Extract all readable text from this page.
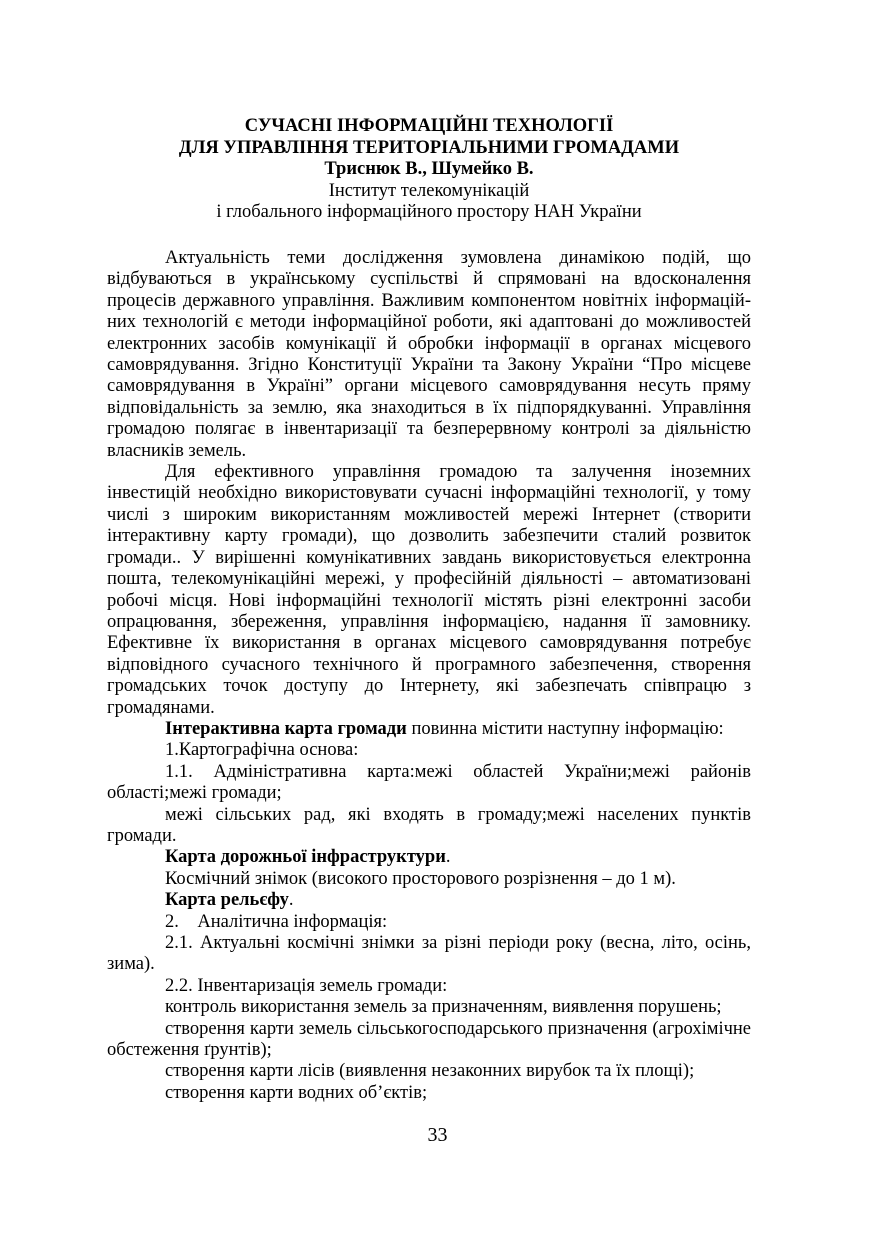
СУЧАСНІ ІНФОРМАЦІЙНІ ТЕХНОЛОГІЇ
ДЛЯ УПРАВЛІННЯ ТЕРИТОРІАЛЬНИМИ ГРОМАДАМИ
Триснюк В., Шумейко В.
Інститут телекомунікацій
і глобального інформаційного простору НАН України

Актуальність теми дослідження зумовлена динамікою подій, що відбуваються в українському суспільстві й спрямовані на вдосконалення процесів державного управління. Важливим компонентом новітніх інформацій-них технологій є методи інформаційної роботи, які адаптовані до можливостей електронних засобів комунікації й обробки інформації в органах місцевого самоврядування. Згідно Конституції України та Закону України “Про місцеве самоврядування в Україні” органи місцевого самоврядування несуть пряму відповідальність за землю, яка знаходиться в їх підпорядкуванні. Управління громадою полягає в інвентаризації та безперервному контролі за діяльністю власників земель.

Для ефективного управління громадою та залучення іноземних інвестицій необхідно використовувати сучасні інформаційні технології, у тому числі з широким використанням можливостей мережі Інтернет (створити інтерактивну карту громади), що дозволить забезпечити сталий розвиток громади.. У вирішенні комунікативних завдань використовується електронна пошта, телекомунікаційні мережі, у професійній діяльності – автоматизовані робочі місця. Нові інформаційні технології містять різні електронні засоби опрацювання, збереження, управління інформацією, надання її замовнику. Ефективне їх використання в органах місцевого самоврядування потребує відповідного сучасного технічного й програмного забезпечення, створення громадських точок доступу до Інтернету, які забезпечать співпрацю з громадянами.

Інтерактивна карта громади повинна містити наступну інформацію:

1.Картографічна основа:

1.1. Адміністративна карта:межі областей України;межі районів області;межі громади;

межі сільських рад, які входять в громаду;межі населених пунктів громади.

Карта дорожньої інфраструктури.

Космічний знімок (високого просторового розрізнення – до 1 м).

Карта рельєфу.

2.    Аналітична інформація:

2.1. Актуальні космічні знімки за різні періоди року (весна, літо, осінь, зима).

2.2. Інвентаризація земель громади:

контроль використання земель за призначенням, виявлення порушень;

створення карти земель сільськогосподарського призначення (агрохімічне обстеження ґрунтів);

створення карти лісів (виявлення незаконних вирубок та їх площі);

створення карти водних об’єктів;

33
